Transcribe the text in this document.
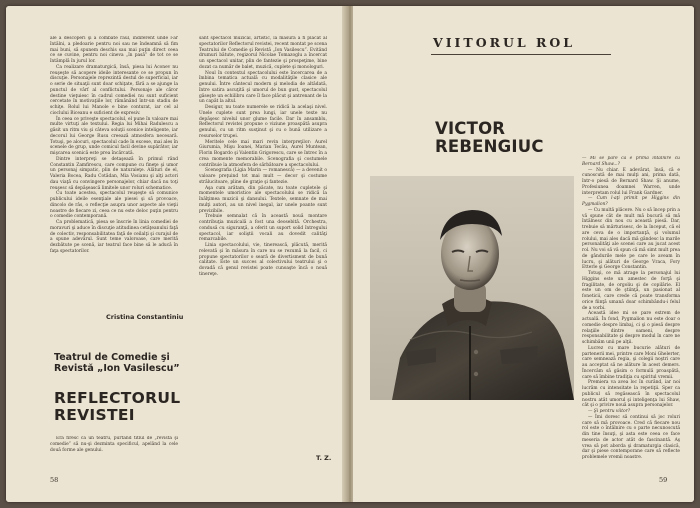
ale a descoperi şi a combate răul, indiferent unde l-ar întâlni, a pledoarie pentru noi sau ne îndeamnă să fim mai buni, să spunem deschis sau mai puţin direct ceea ce se cuvine, pentru noi cineva „în pasă” de tot ce se întâmplă în jurul lor.

Ca realizare dramaturgică, însă, piesa lui Aconev nu reuşeşte să acopere ideile interesante ce se propun în discuţie. Personajele reprezintă destul de superficial, iar o serie de situaţii sunt doar schiţate, fără a se ajunge la punctul de vârf al conflictului. Personaje ale căror destine vieţuiesc în cadrul comediei nu sunt suficient cercetate în motivaţiile lor, rămânând într-un stadiu de schiţe. Rolul lui Manole e bine conturat, iar cel al cioclului Biceanu e suficient de expresiv.

În ceea ce priveşte spectacolul, el pune în valoare mai multe virtuţi ale textului. Regia lui Mihai Radulescu a găsit un ritm viu şi câteva soluţii scenice inteligente, iar decorul lui George Rusu creează atmosfera necesară. Totuşi, pe alocuri, spectacolul cade în excese, mai ales în scenele de grup, unde comicul facil devine supărător, iar mişcarea scenică este prea încărcată.

Dintre interpreţi se detaşează în primul rând Constantin Zamfirescu, care compune cu fineţe şi umor un personaj simpatic, plin de naturaleţe. Alături de el, Valeria Bocea, Radu Cotădan, Mia Vosianu şi alţi actori dau viaţă cu convingere personajelor, chiar dacă nu toţi reuşesc să depăşească limitele unor roluri schematice.

Cu toate acestea, spectacolul reuşeşte să comunice publicului ideile esenţiale ale piesei şi să provoace, dincolo de râs, o reflecţie asupra unor aspecte ale vieţii noastre de fiecare zi, ceea ce nu este deloc puţin pentru o comedie contemporană.

Ca problematică, piesa se înscrie în linia comediei de moravuri şi aduce în discuţie atitudinea cetăţeanului faţă de colectiv, responsabilitatea faţă de ceilalţi şi curajul de a spune adevărul. Sunt teme valoroase, care merită dezbătute pe scenă, iar teatrul face bine să le aducă în faţa spectatorilor.

Cristina Constantiniu
Teatrul de Comedie şi Revistă „Ion Vasilescu”
REFLECTORUL REVISTEI

Era firesc ca un teatru, purtând titlul de „revistă şi comedie” să nu-şi dezminta specificul, apelând la cele două forme ale genului.

sant spectacol muzical, artistic, la măsura a fi placat al spectatorilor Reflectorul revistei, recent montat pe scena Teatrului de Comedie şi Revistă „Ion Vasilescu”. Evitând drumuri bătute, regizorul Nicolae Tomazoglu a încercat un spectacol unitar, plin de fantezie şi prospeţime, bine dozat ca număr de balet, muzică, cuplete şi monologuri.

Noul în contextul spectacolului este încercarea de a îmbina tematica actuală cu modalităţile clasice ale genului. Între cântecul modern şi melodia de altădată, între satira ascuţită şi umorul de bun gust, spectacolul găseşte un echilibru care îl face plăcut şi antrenant de la un capăt la altul.

Desigur, nu toate numerele se ridică la acelaşi nivel. Unele cuplete sunt prea lungi, iar unele texte nu depăşesc nivelul unor glume facile. Dar în ansamblu, Reflectorul revistei propune o viziune proaspătă asupra genului, cu un ritm susţinut şi cu o bună utilizare a resurselor trupei.

Meritele cele mai mari revin interpreţilor: Aurel Giurumia, Mişu Ioanei, Marian Tecău, Aurel Muntean, Florin Bogardo şi Valentin Grigorescu, care se întrec în a crea momente memorabile. Scenografia şi costumele contribuie la atmosfera de sărbătoare a spectacolului.

Scenografia (Ligia Marin — romanescă) — a devenit o valoare preţuind tot mai mult — decor şi costume strălucitoare, pline de graţie şi fantezie.

Aşa cum arătam, din păcate, nu toate cupletele şi momentele umoristice ale spectacolului se ridică la înălţimea muzicii şi dansului. Textele, semnate de mai mulţi autori, au un nivel inegal, iar unele poante sunt previzibile.

Trebuie semnalat că în această nouă montare contribuţia muzicală a fost una deosebită. Orchestra, condusă cu siguranţă, a oferit un suport solid întregului spectacol, iar soliştii vocali au dovedit calităţi remarcabile.

Linia spectacolului, vie, tinerească, plăcută, merită relevată şi în măsura în care nu se rezumă la facil, ci propune spectatorilor o seară de divertisment de bună calitate. Este un succes al colectivului teatrului şi o dovadă că genul revistei poate cunoaşte încă o nouă tinereţe.

T. Z.
58
VIITORUL ROL
VICTOR
REBENGIUC

— Mi se pare că e prima întâlnire cu Bernard Shaw...?

— Nu chiar. E adevărat, însă, că e cunoscută de mai mulţi ani, prima dată, într-o piesă de Bernard Shaw. Şi anume, Profesiunea doamnei Warren, unde interpretam rolul lui Frank Gardner.

— Cum l-aţi primit pe Higgins din Pygmalion?

— Cu multă plăcere. Nu o să încep prin a vă spune cât de mult mă bucură să mă întâlnesc din nou cu această piesă. Dar, trebuie să mărturisesc, de la început, că el are ceva de o importanţă, şi volumul rolului, mai ales dacă mă gândesc la marile personalităţi ale scenei care au jucat acest rol. Nu voi să vă spun că mă simt mult prea de gândurile mele pe care le aveam în lucru, şi alături de George Vraca, Fory Etterle şi George Constantin.

Totuşi, ce mă atrage la personajul lui Higgins este un amestec de forţă şi fragilitate, de orgoliu şi de copilărie. El este un om de ştiinţă, un pasionat al foneticii, care crede că poate transforma orice fiinţă umană doar schimbându-i felul de a vorbi.

Această idee mi se pare extrem de actuală. În fond, Pygmalion nu este doar o comedie despre limbaj, ci şi o piesă despre relaţiile dintre oameni, despre responsabilitate şi despre modul în care ne schimbăm unii pe alţii.

Lucrez cu mare bucurie alături de partenerii mei, printre care Moni Ghelerter, care semnează regia, şi colegii noştri care au acceptat să ne alăture în acest demers. Încercăm să găsim o formulă proaspătă, care să îmbine tradiţia cu spiritul vremii.

Premiera va avea loc în curând, iar noi lucrăm cu intensitate la repetiţii. Sper ca publicul să regăsească în spectacolul nostru atât umorul şi inteligenţa lui Shaw, cât şi o privire nouă asupra personajelor.

— Şi pentru viitor?

— Îmi doresc să continui să joc roluri care să mă provoace. Cred că fiecare nou rol este o întâlnire cu o parte necunoscută din tine însuţi, şi asta este ceea ce face meseria de actor atât de fascinantă. Aş vrea să pot aborda şi dramaturgia clasică, dar şi piese contemporane care să reflecte problemele vremii noastre.

59
